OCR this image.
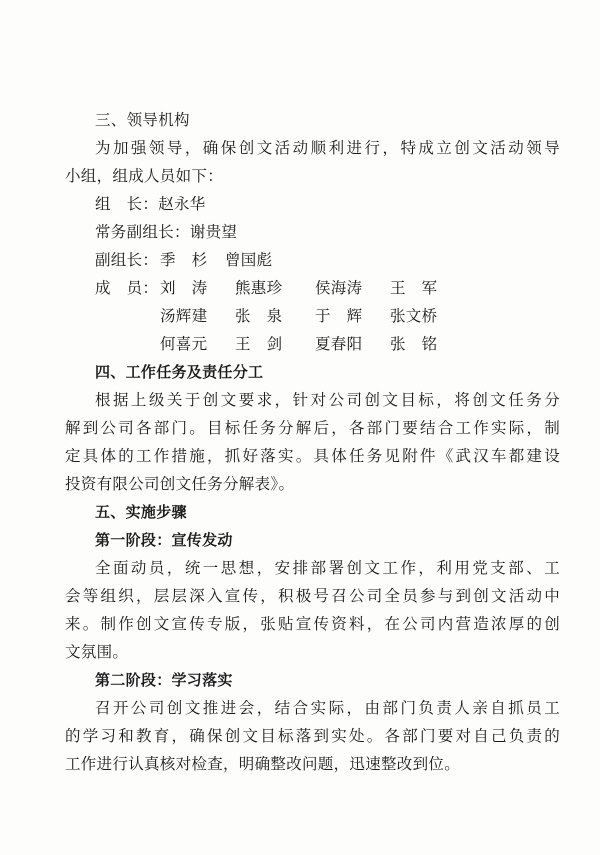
三、领导机构
为加强领导，确保创文活动顺利进行，特成立创文活动领导
小组，组成人员如下：
组　长：赵永华
常务副组长：谢贵望
副组长： 季　杉 曾国彪
成　员： 刘　涛 熊惠珍 侯海涛 王　军
汤辉建 张　泉 于　辉 张文桥
何喜元 王　剑 夏春阳 张　铭
四、工作任务及责任分工
根据上级关于创文要求，针对公司创文目标，将创文任务分
解到公司各部门。目标任务分解后，各部门要结合工作实际，制
定具体的工作措施，抓好落实。具体任务见附件《武汉车都建设
投资有限公司创文任务分解表》。
五、实施步骤
第一阶段：宣传发动
全面动员，统一思想，安排部署创文工作，利用党支部、工
会等组织，层层深入宣传，积极号召公司全员参与到创文活动中
来。制作创文宣传专版，张贴宣传资料，在公司内营造浓厚的创
文氛围。
第二阶段：学习落实
召开公司创文推进会，结合实际，由部门负责人亲自抓员工
的学习和教育，确保创文目标落到实处。各部门要对自己负责的
工作进行认真核对检查，明确整改问题，迅速整改到位。
